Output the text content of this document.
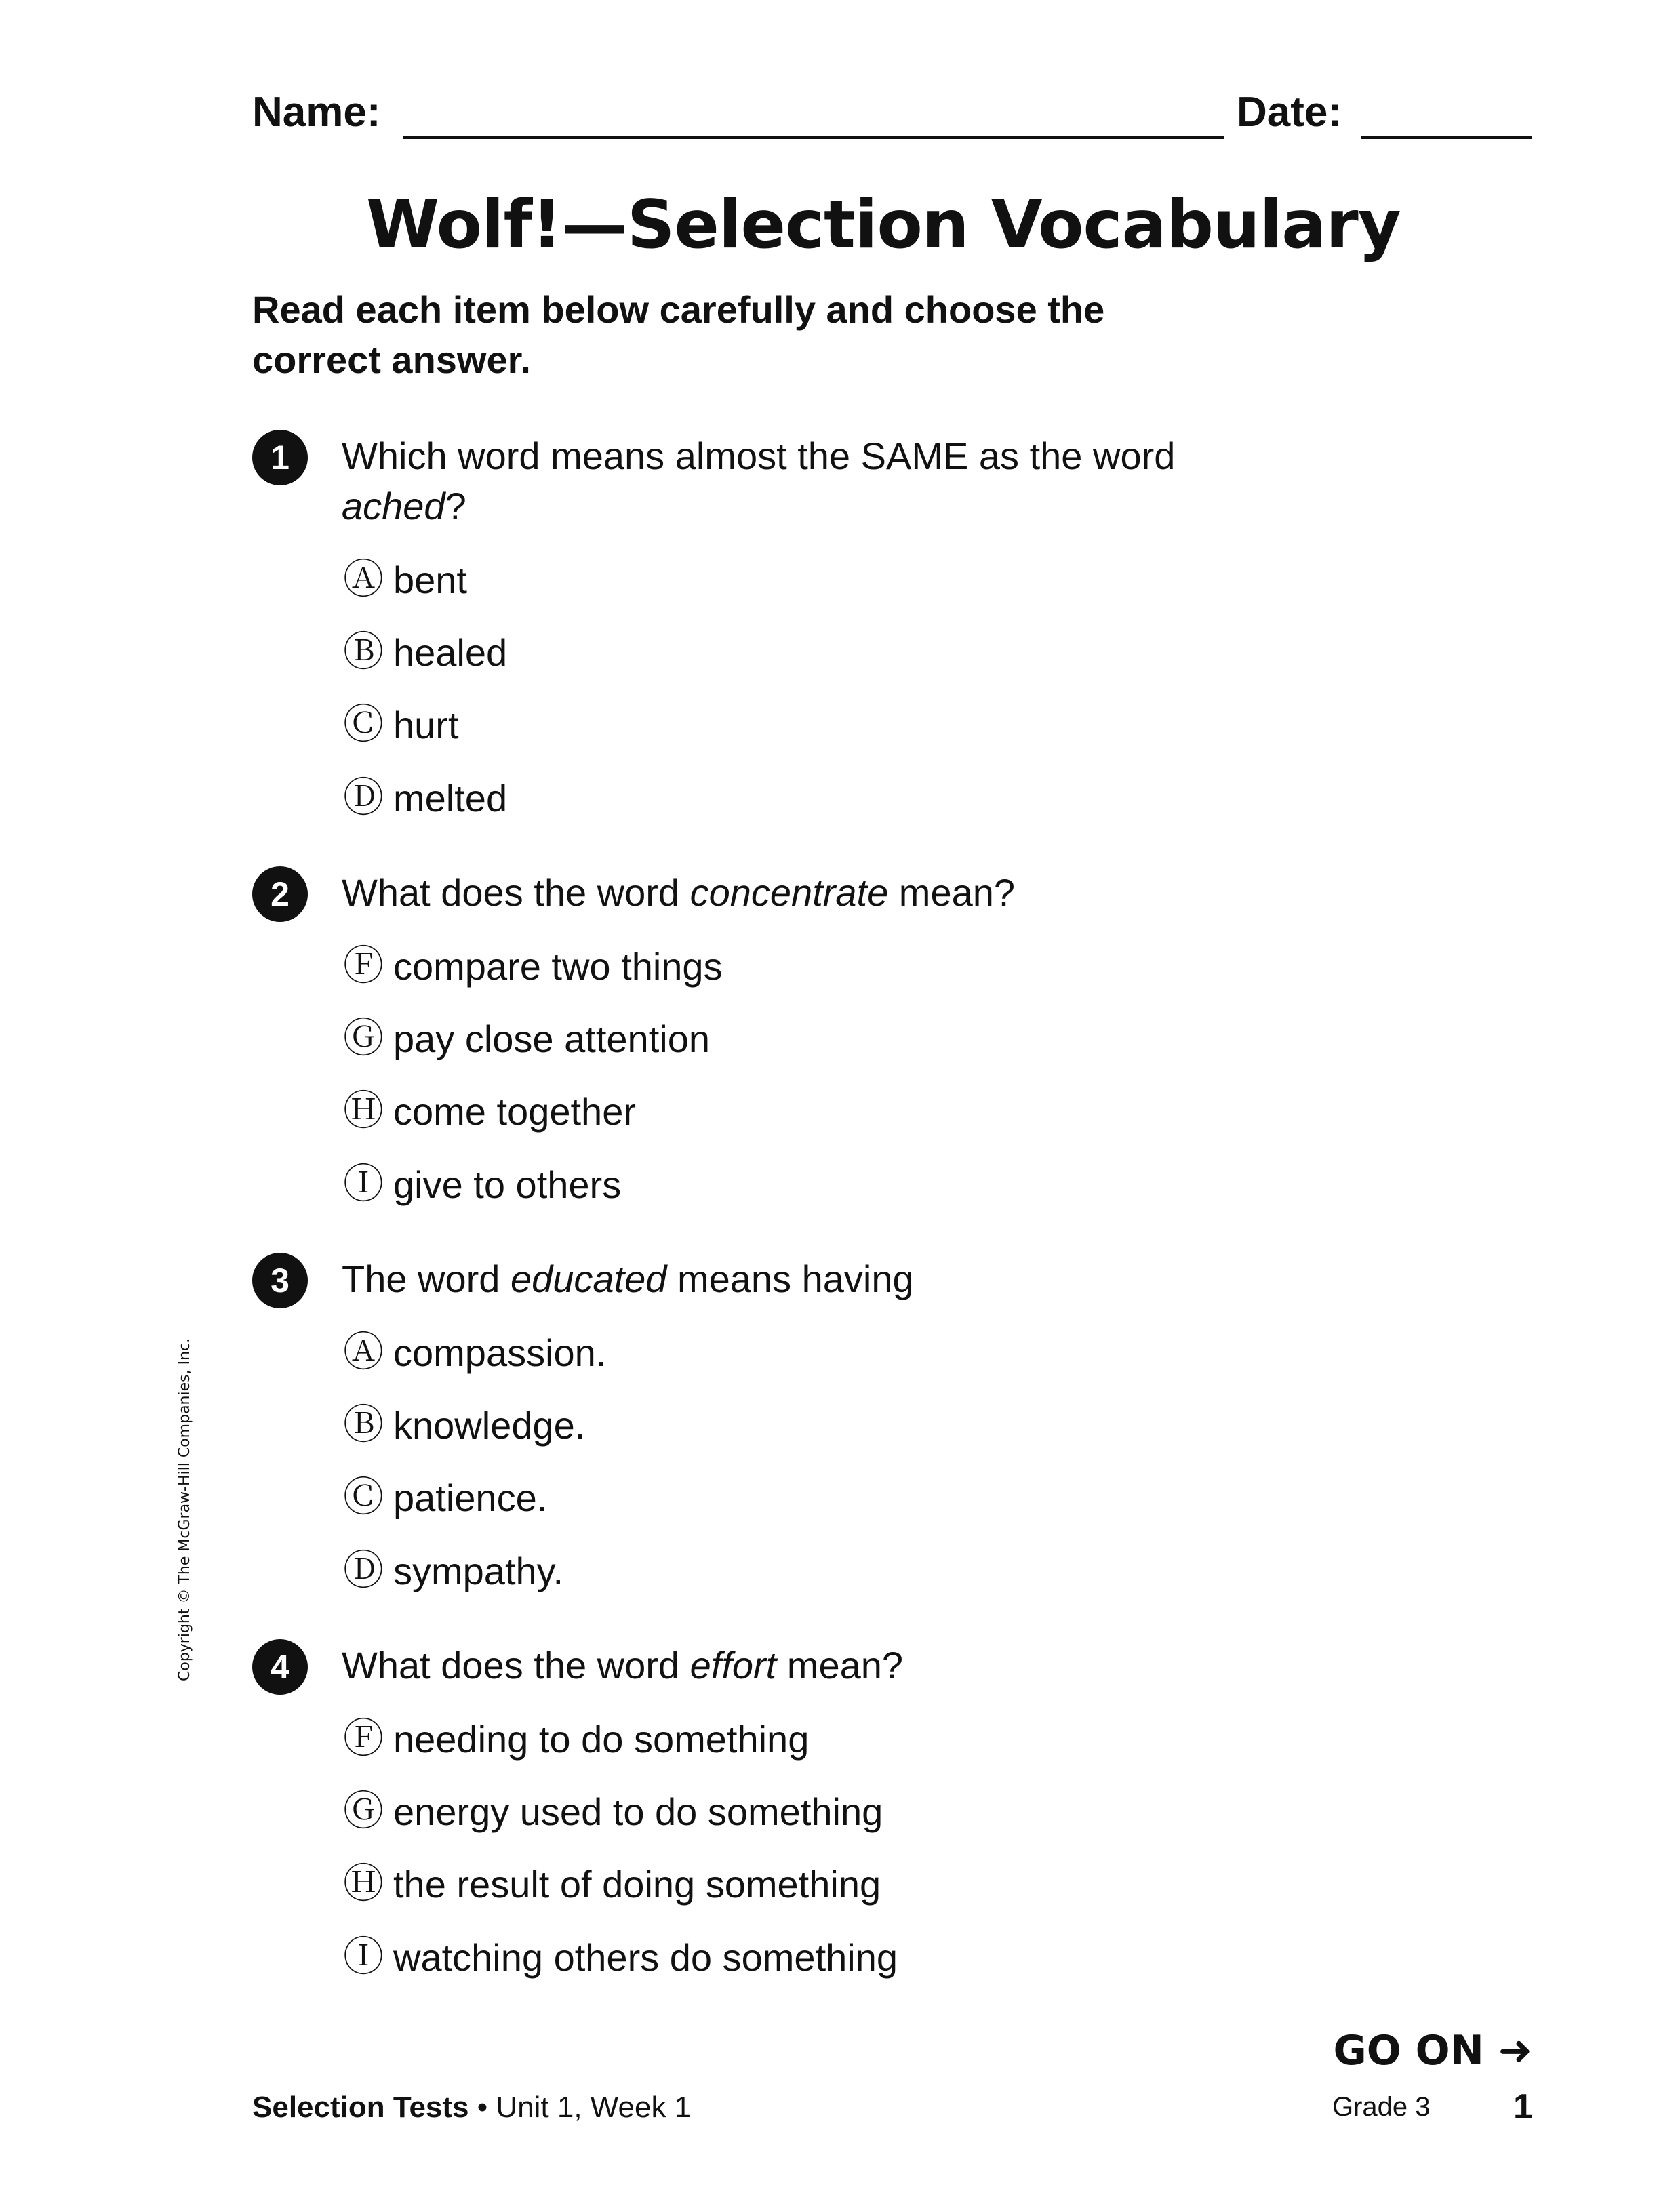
Name:	Date:
Wolf!—Selection Vocabulary
Read each item below carefully and choose the correct answer.
1	Which word means almost the SAME as the word ached?
Ⓐ bent
Ⓑ healed
Ⓒ hurt
Ⓓ melted
2	What does the word concentrate mean?
Ⓕ compare two things
Ⓖ pay close attention
Ⓗ come together
Ⓘ give to others
3	The word educated means having
Ⓐ compassion.
Ⓑ knowledge.
Ⓒ patience.
Ⓓ sympathy.
4	What does the word effort mean?
Ⓕ needing to do something
Ⓖ energy used to do something
Ⓗ the result of doing something
Ⓘ watching others do something
Copyright © The McGraw-Hill Companies, Inc.
GO ON ➜
Selection Tests • Unit 1, Week 1	Grade 3 1
